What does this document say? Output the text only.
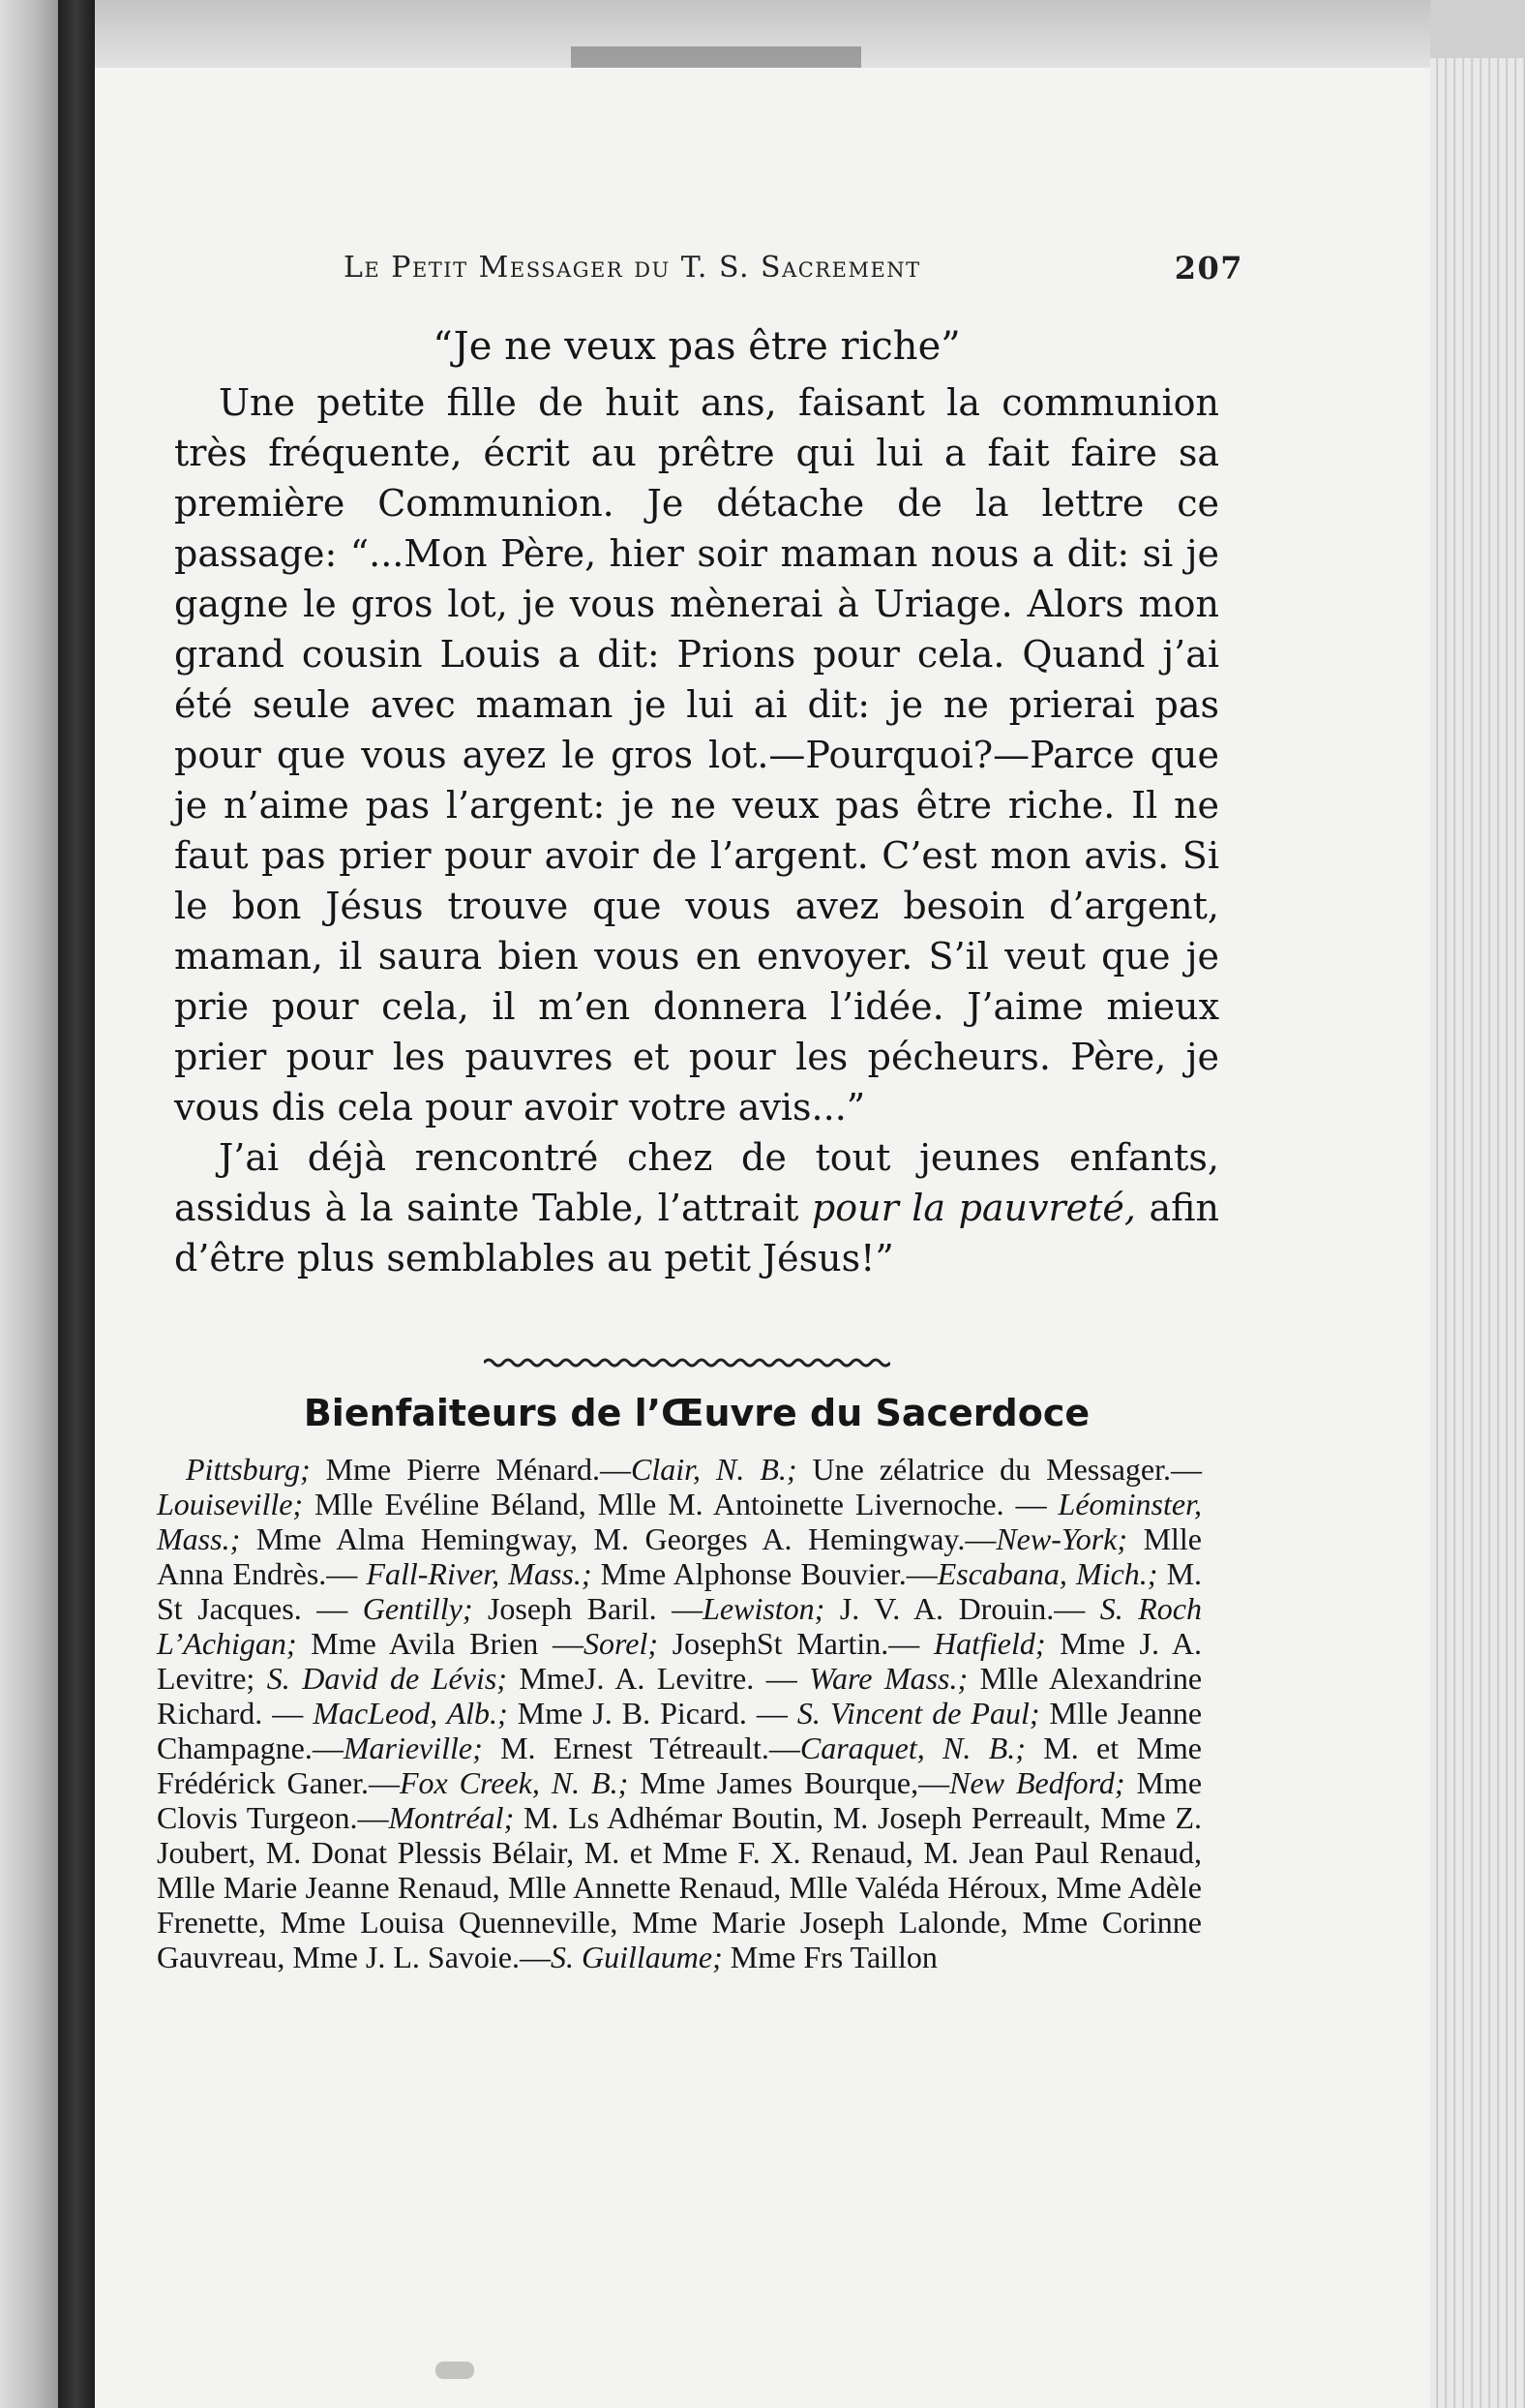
Le Petit Messager du T. S. Sacrement	207
“Je ne veux pas être riche”

Une petite fille de huit ans, faisant la communion très fréquente, écrit au prêtre qui lui a fait faire sa première Communion. Je détache de la lettre ce passage: “...Mon Père, hier soir maman nous a dit: si je gagne le gros lot, je vous mènerai à Uriage. Alors mon grand cousin Louis a dit: Prions pour cela. Quand j’ai été seule avec maman je lui ai dit: je ne prierai pas pour que vous ayez le gros lot.—Pourquoi?—Parce que je n’aime pas l’argent: je ne veux pas être riche. Il ne faut pas prier pour avoir de l’argent. C’est mon avis. Si le bon Jésus trouve que vous avez besoin d’argent, maman, il saura bien vous en envoyer. S’il veut que je prie pour cela, il m’en donnera l’idée. J’aime mieux prier pour les pauvres et pour les pécheurs. Père, je vous dis cela pour avoir votre avis...”

J’ai déjà rencontré chez de tout jeunes enfants, assidus à la sainte Table, l’attrait pour la pauvreté, afin d’être plus semblables au petit Jésus!”

Bienfaiteurs de l’Œuvre du Sacerdoce

Pittsburg; Mme Pierre Ménard.—Clair, N. B.; Une zélatrice du Messager.—Louiseville; Mlle Evéline Béland, Mlle M. Antoinette Livernoche. — Léominster, Mass.; Mme Alma Hemingway, M. Georges A. Hemingway.—New-York; Mlle Anna Endrès.— Fall-River, Mass.; Mme Alphonse Bouvier.—Escabana, Mich.; M. St Jacques. — Gentilly; Joseph Baril. —Lewiston; J. V. A. Drouin.— S. Roch L’Achigan; Mme Avila Brien —Sorel; JosephSt Martin.— Hatfield; Mme J. A. Levitre; S. David de Lévis; MmeJ. A. Levitre. — Ware Mass.; Mlle Alexandrine Richard. — MacLeod, Alb.; Mme J. B. Picard. — S. Vincent de Paul; Mlle Jeanne Champagne.—Marieville; M. Ernest Tétreault.—Caraquet, N. B.; M. et Mme Frédérick Ganer.—Fox Creek, N. B.; Mme James Bourque,—New Bedford; Mme Clovis Turgeon.—Montréal; M. Ls Adhémar Boutin, M. Joseph Perreault, Mme Z. Joubert, M. Donat Plessis Bélair, M. et Mme F. X. Renaud, M. Jean Paul Renaud, Mlle Marie Jeanne Renaud, Mlle Annette Renaud, Mlle Valéda Héroux, Mme Adèle Frenette, Mme Louisa Quenneville, Mme Marie Joseph Lalonde, Mme Corinne Gauvreau, Mme J. L. Savoie.—S. Guillaume; Mme Frs Taillon
